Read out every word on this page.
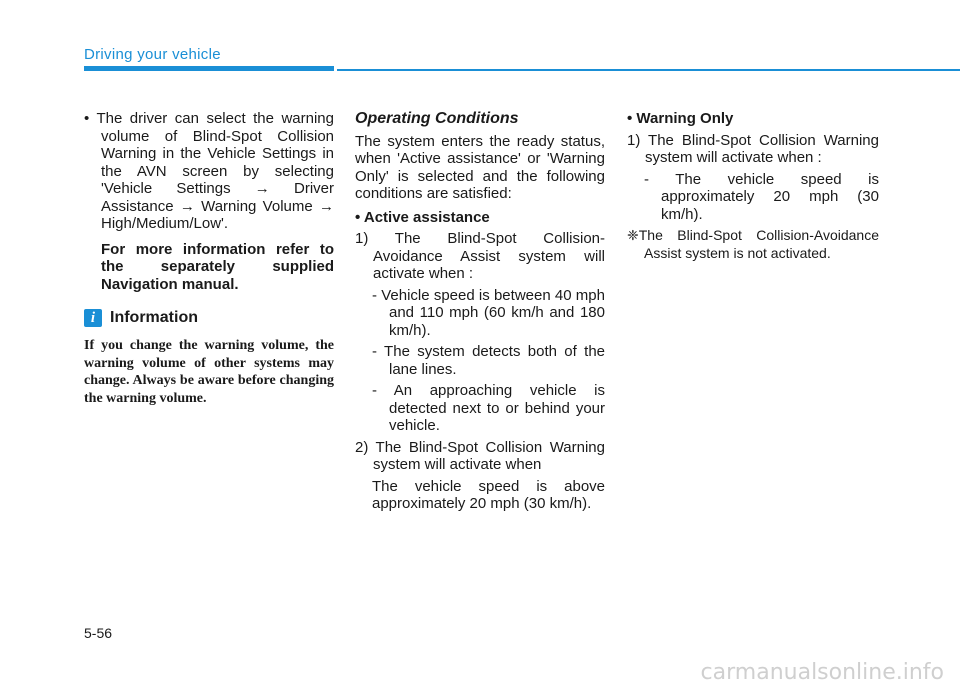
Driving your vehicle

• The driver can select the warning volume of Blind-Spot Collision Warning in the Vehicle Settings in the AVN screen by selecting 'Vehicle Settings → Driver Assistance → Warning Volume → High/Medium/Low'.

For more information refer to the separately supplied Navigation manual.

i Information

If you change the warning volume, the warning volume of other systems may change. Always be aware before changing the warning volume.

Operating Conditions

The system enters the ready status, when 'Active assistance' or 'Warning Only' is selected and the following conditions are satisfied:

• Active assistance

1) The Blind-Spot Collision-Avoidance Assist system will activate when :

- Vehicle speed is between 40 mph and 110 mph (60 km/h and 180 km/h).

- The system detects both of the lane lines.

- An approaching vehicle is detected next to or behind your vehicle.

2) The Blind-Spot Collision Warning system will activate when

The vehicle speed is above approximately 20 mph (30 km/h).

• Warning Only

1) The Blind-Spot Collision Warning system will activate when :

- The vehicle speed is approximately 20 mph (30 km/h).

❈The Blind-Spot Collision-Avoidance Assist system is not activated.

5-56
carmanualsonline.info
